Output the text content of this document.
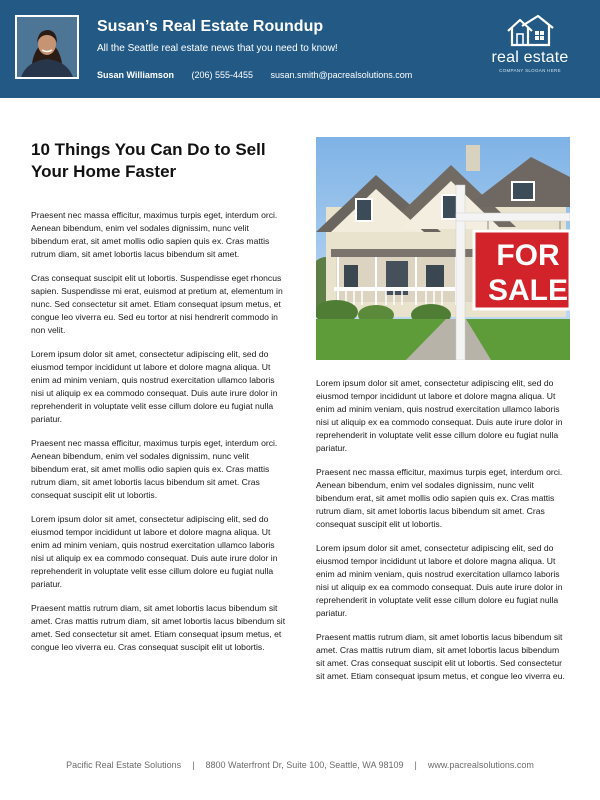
Susan’s Real Estate Roundup
All the Seattle real estate news that you need to know!
Susan Williamson (206) 555-4455 susan.smith@pacrealsolutions.com
real estate
COMPANY SLOGAN HERE
10 Things You Can Do to Sell Your Home Faster

Praesent nec massa efficitur, maximus turpis eget, interdum orci. Aenean bibendum, enim vel sodales dignissim, nunc velit bibendum erat, sit amet mollis odio sapien quis ex. Cras mattis rutrum diam, sit amet lobortis lacus bibendum sit amet.

Cras consequat suscipit elit ut lobortis. Suspendisse eget rhoncus sapien. Suspendisse mi erat, euismod at pretium at, elementum in nunc. Sed consectetur sit amet. Etiam consequat ipsum metus, et congue leo viverra eu. Sed eu tortor at nisi hendrerit commodo in non velit.

Lorem ipsum dolor sit amet, consectetur adipiscing elit, sed do eiusmod tempor incididunt ut labore et dolore magna aliqua. Ut enim ad minim veniam, quis nostrud exercitation ullamco laboris nisi ut aliquip ex ea commodo consequat. Duis aute irure dolor in reprehenderit in voluptate velit esse cillum dolore eu fugiat nulla pariatur.

Praesent nec massa efficitur, maximus turpis eget, interdum orci. Aenean bibendum, enim vel sodales dignissim, nunc velit bibendum erat, sit amet mollis odio sapien quis ex. Cras mattis rutrum diam, sit amet lobortis lacus bibendum sit amet. Cras consequat suscipit elit ut lobortis.

Lorem ipsum dolor sit amet, consectetur adipiscing elit, sed do eiusmod tempor incididunt ut labore et dolore magna aliqua. Ut enim ad minim veniam, quis nostrud exercitation ullamco laboris nisi ut aliquip ex ea commodo consequat. Duis aute irure dolor in reprehenderit in voluptate velit esse cillum dolore eu fugiat nulla pariatur.

Praesent mattis rutrum diam, sit amet lobortis lacus bibendum sit amet. Cras mattis rutrum diam, sit amet lobortis lacus bibendum sit amet. Sed consectetur sit amet. Etiam consequat ipsum metus, et congue leo viverra eu. Cras consequat suscipit elit ut lobortis.

FOR
SALE

Lorem ipsum dolor sit amet, consectetur adipiscing elit, sed do eiusmod tempor incididunt ut labore et dolore magna aliqua. Ut enim ad minim veniam, quis nostrud exercitation ullamco laboris nisi ut aliquip ex ea commodo consequat. Duis aute irure dolor in reprehenderit in voluptate velit esse cillum dolore eu fugiat nulla pariatur.

Praesent nec massa efficitur, maximus turpis eget, interdum orci. Aenean bibendum, enim vel sodales dignissim, nunc velit bibendum erat, sit amet mollis odio sapien quis ex. Cras mattis rutrum diam, sit amet lobortis lacus bibendum sit amet. Cras consequat suscipit elit ut lobortis.

Lorem ipsum dolor sit amet, consectetur adipiscing elit, sed do eiusmod tempor incididunt ut labore et dolore magna aliqua. Ut enim ad minim veniam, quis nostrud exercitation ullamco laboris nisi ut aliquip ex ea commodo consequat. Duis aute irure dolor in reprehenderit in voluptate velit esse cillum dolore eu fugiat nulla pariatur.

Praesent mattis rutrum diam, sit amet lobortis lacus bibendum sit amet. Cras mattis rutrum diam, sit amet lobortis lacus bibendum sit amet. Cras consequat suscipit elit ut lobortis. Sed consectetur sit amet. Etiam consequat ipsum metus, et congue leo viverra eu.

Pacific Real Estate Solutions | 8800 Waterfront Dr, Suite 100, Seattle, WA 98109 | www.pacrealsolutions.com
